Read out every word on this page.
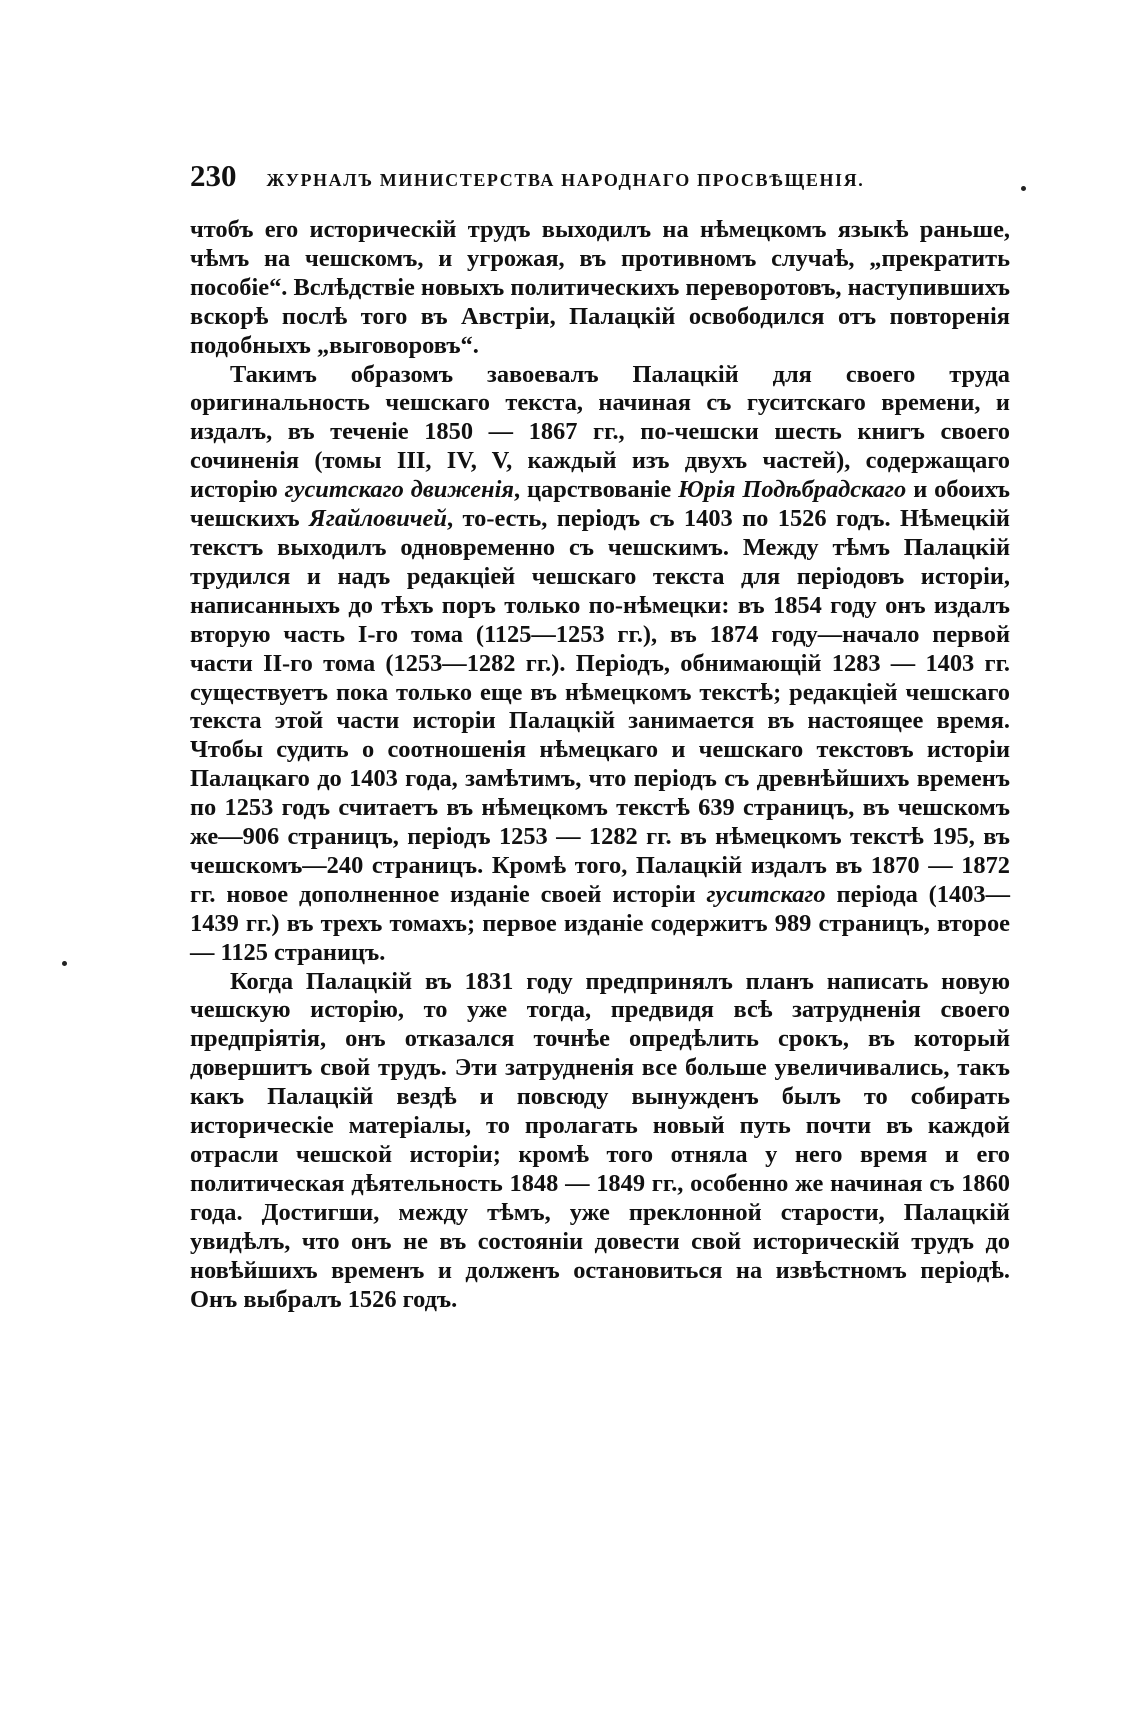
230 ЖУРНАЛЪ МИНИСТЕРСТВА НАРОДНАГО ПРОСВѢЩЕНІЯ.

чтобъ его историческій трудъ выходилъ на нѣмецкомъ языкѣ раньше, чѣмъ на чешскомъ, и угрожая, въ противномъ случаѣ, „прекратить пособіе“. Вслѣдствіе новыхъ политическихъ переворотовъ, наступившихъ вскорѣ послѣ того въ Австріи, Палацкій освободился отъ повторенія подобныхъ „выговоровъ“.

Такимъ образомъ завоевалъ Палацкій для своего труда оригинальность чешскаго текста, начиная съ гуситскаго времени, и издалъ, въ теченіе 1850 — 1867 гг., по-чешски шесть книгъ своего сочиненія (томы III, IV, V, каждый изъ двухъ частей), содержащаго исторію гуситскаго движенія, царствованіе Юрія Подѣбрадскаго и обоихъ чешскихъ Ягайловичей, то-есть, періодъ съ 1403 по 1526 годъ. Нѣмецкій текстъ выходилъ одновременно съ чешскимъ. Между тѣмъ Палацкій трудился и надъ редакціей чешскаго текста для періодовъ исторіи, написанныхъ до тѣхъ поръ только по-нѣмецки: въ 1854 году онъ издалъ вторую часть І-го тома (1125—1253 гг.), въ 1874 году—начало первой части II-го тома (1253—1282 гг.). Періодъ, обнимающій 1283 — 1403 гг. существуетъ пока только еще въ нѣмецкомъ текстѣ; редакціей чешскаго текста этой части исторіи Палацкій занимается въ настоящее время. Чтобы судить о соотношенія нѣмецкаго и чешскаго текстовъ исторіи Палацкаго до 1403 года, замѣтимъ, что періодъ съ древнѣйшихъ временъ по 1253 годъ считаетъ въ нѣмецкомъ текстѣ 639 страницъ, въ чешскомъ же—906 страницъ, періодъ 1253 — 1282 гг. въ нѣмецкомъ текстѣ 195, въ чешскомъ—240 страницъ. Кромѣ того, Палацкій издалъ въ 1870 — 1872 гг. новое дополненное изданіе своей исторіи гуситскаго періода (1403—1439 гг.) въ трехъ томахъ; первое изданіе содержитъ 989 страницъ, второе — 1125 страницъ.

Когда Палацкій въ 1831 году предпринялъ планъ написать новую чешскую исторію, то уже тогда, предвидя всѣ затрудненія своего предпріятія, онъ отказался точнѣе опредѣлить срокъ, въ который довершитъ свой трудъ. Эти затрудненія все больше увеличивались, такъ какъ Палацкій вездѣ и повсюду вынужденъ былъ то собирать историческіе матеріалы, то пролагать новый путь почти въ каждой отрасли чешской исторіи; кромѣ того отняла у него время и его политическая дѣятельность 1848 — 1849 гг., особенно же начиная съ 1860 года. Достигши, между тѣмъ, уже преклонной старости, Палацкій увидѣлъ, что онъ не въ состояніи довести свой историческій трудъ до новѣйшихъ временъ и долженъ остановиться на извѣстномъ періодѣ. Онъ выбралъ 1526 годъ.
